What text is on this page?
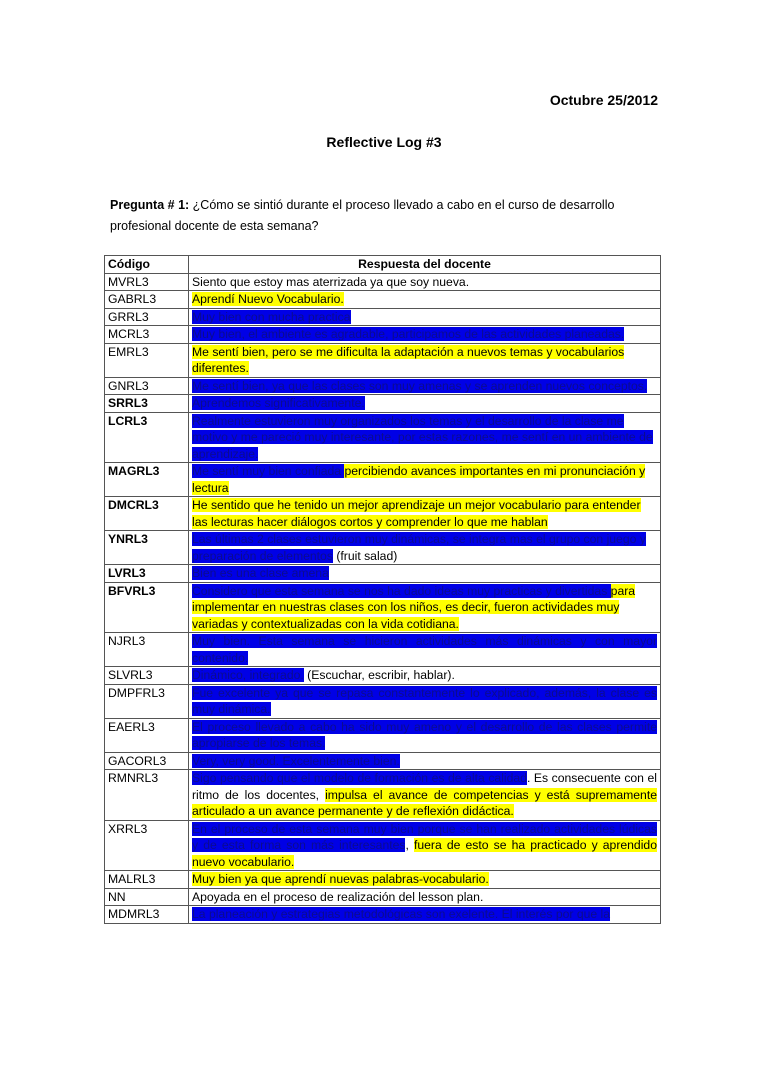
Octubre 25/2012
Reflective Log #3
Pregunta # 1: ¿Cómo se sintió durante el proceso llevado a cabo en el curso de desarrollo profesional docente de esta semana?
Código	Respuesta del docente
MVRL3	Siento que estoy mas aterrizada ya que soy nueva.
GABRL3	Aprendí Nuevo Vocabulario.
GRRL3	Muy bien con mucha practica
MCRL3	Muy bien, el ambiente es agradable, participamos de las actividades planeadas.
EMRL3	Me sentí bien, pero se me dificulta la adaptación a nuevos temas y vocabularios diferentes.
GNRL3	Me sentí bien, ya que las clases son muy amenas y se aprenden nuevos conceptos.
SRRL3	Aprendemos significativamente.
LCRL3	Realmente estuvieron muy organizados los temas y el desarrollo de la clase me motivo y me pareció muy interesante, por estas razones, me sentí en un ambiente de aprendizaje.
MAGRL3	Me sentí muy bien confiada percibiendo avances importantes en mi pronunciación y lectura
DMCRL3	He sentido que he tenido un mejor aprendizaje un mejor vocabulario para entender las lecturas hacer diálogos cortos y comprender lo que me hablan
YNRL3	Las últimas 2 clases estuvieron muy dinámicas, se integra mas el grupo con juego y preparación de elementos (fruit salad)
LVRL3	Bien es una clase amena
BFVRL3	Considero que esta semana se nos ha dado ideas muy practicas y divertidas para implementar en nuestras clases con los niños, es decir, fueron actividades muy variadas y contextualizadas con la vida cotidiana.
NJRL3	Muy bien. Esta semana se hicieron actividades más dinámicas y con mayor contenido.
SLVRL3	Dinámico, integrado. (Escuchar, escribir, hablar).
DMPFRL3	Fue excelente ya que se repasa constantemente lo explicado, además, la clase es muy dinámica.
EAERL3	El proceso llevado a cabo ha sido muy ameno y el desarrollo de las clases permite apropiarse de los temas.
GACORL3	Very, very good. Excelentemente bien.
RMNRL3	Sigo pensando que el modelo de formación es de alta calidad. Es consecuente con el ritmo de los docentes, impulsa el avance de competencias y está supremamente articulado a un avance permanente y de reflexión didáctica.
XRRL3	En el proceso de esta semana muy bien porque se han realizado actividades lúdicas y de esta forma son más interesantes, fuera de esto se ha practicado y aprendido nuevo vocabulario.
MALRL3	Muy bien ya que aprendí nuevas palabras-vocabulario.
NN	Apoyada en el proceso de realización del lesson plan.
MDMRL3	La planeación y estrategias metodológicas son exelente. El interés por que la
